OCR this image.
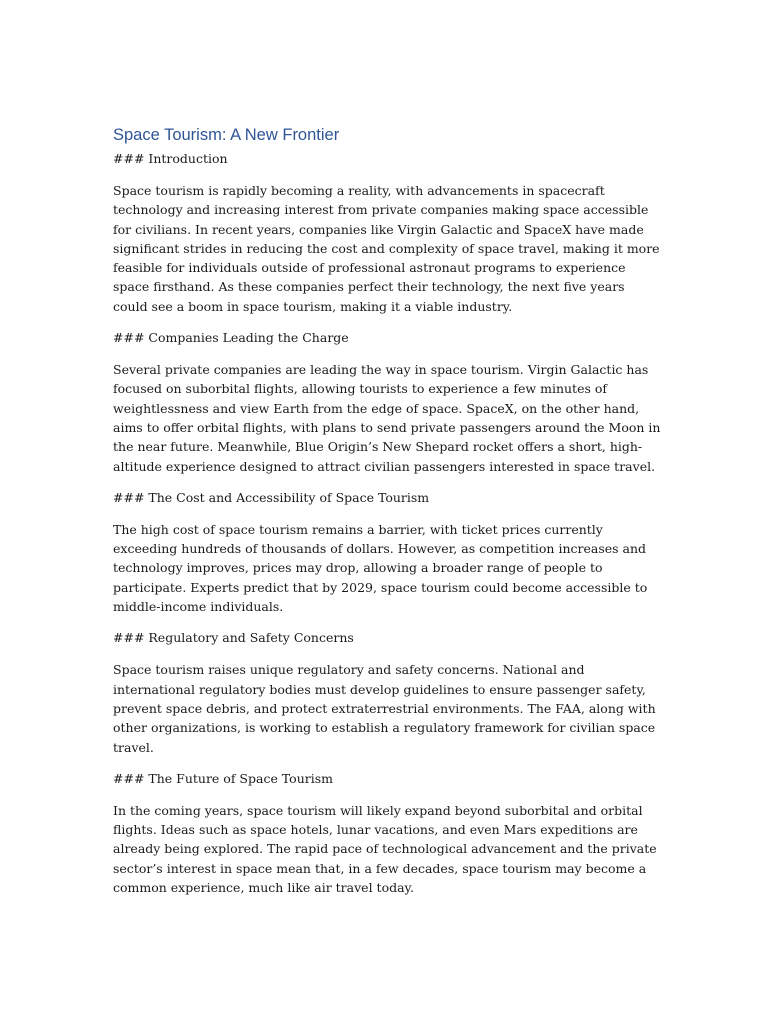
Space Tourism: A New Frontier

### Introduction

Space tourism is rapidly becoming a reality, with advancements in spacecraft technology and increasing interest from private companies making space accessible for civilians. In recent years, companies like Virgin Galactic and SpaceX have made significant strides in reducing the cost and complexity of space travel, making it more feasible for individuals outside of professional astronaut programs to experience space firsthand. As these companies perfect their technology, the next five years could see a boom in space tourism, making it a viable industry.

### Companies Leading the Charge

Several private companies are leading the way in space tourism. Virgin Galactic has focused on suborbital flights, allowing tourists to experience a few minutes of weightlessness and view Earth from the edge of space. SpaceX, on the other hand, aims to offer orbital flights, with plans to send private passengers around the Moon in the near future. Meanwhile, Blue Origin’s New Shepard rocket offers a short, high-altitude experience designed to attract civilian passengers interested in space travel.

### The Cost and Accessibility of Space Tourism

The high cost of space tourism remains a barrier, with ticket prices currently exceeding hundreds of thousands of dollars. However, as competition increases and technology improves, prices may drop, allowing a broader range of people to participate. Experts predict that by 2029, space tourism could become accessible to middle-income individuals.

### Regulatory and Safety Concerns

Space tourism raises unique regulatory and safety concerns. National and international regulatory bodies must develop guidelines to ensure passenger safety, prevent space debris, and protect extraterrestrial environments. The FAA, along with other organizations, is working to establish a regulatory framework for civilian space travel.

### The Future of Space Tourism

In the coming years, space tourism will likely expand beyond suborbital and orbital flights. Ideas such as space hotels, lunar vacations, and even Mars expeditions are already being explored. The rapid pace of technological advancement and the private sector’s interest in space mean that, in a few decades, space tourism may become a common experience, much like air travel today.
